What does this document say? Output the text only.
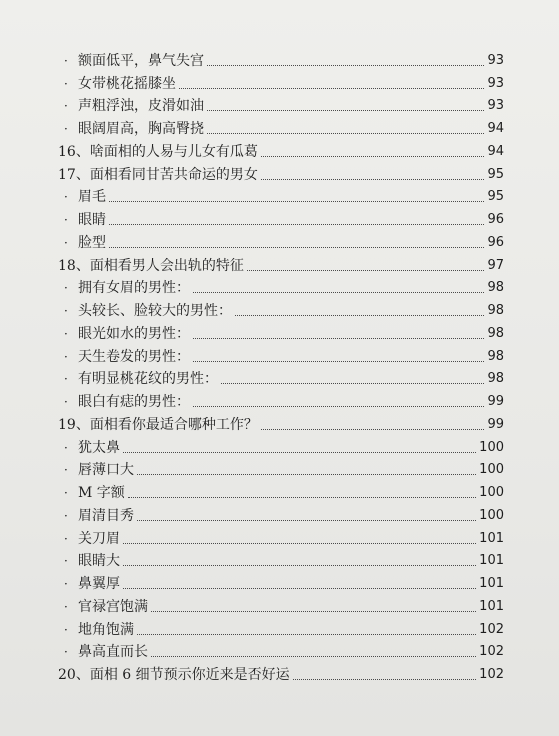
· 额面低平，鼻气失宫	93
· 女带桃花摇膝坐	93
· 声粗浮浊，皮滑如油	93
· 眼阔眉高，胸高臀挠	94
16、啥面相的人易与儿女有瓜葛	94
17、面相看同甘苦共命运的男女	95
· 眉毛	95
· 眼睛	96
· 脸型	96
18、面相看男人会出轨的特征	97
· 拥有女眉的男性：	98
· 头较长、脸较大的男性：	98
· 眼光如水的男性：	98
· 天生卷发的男性：	98
· 有明显桃花纹的男性：	98
· 眼白有痣的男性：	99
19、面相看你最适合哪种工作？	99
· 犹太鼻	100
· 唇薄口大	100
· M 字额	100
· 眉清目秀	100
· 关刀眉	101
· 眼睛大	101
· 鼻翼厚	101
· 官禄宫饱满	101
· 地角饱满	102
· 鼻高直而长	102
20、面相 6 细节预示你近来是否好运	102
